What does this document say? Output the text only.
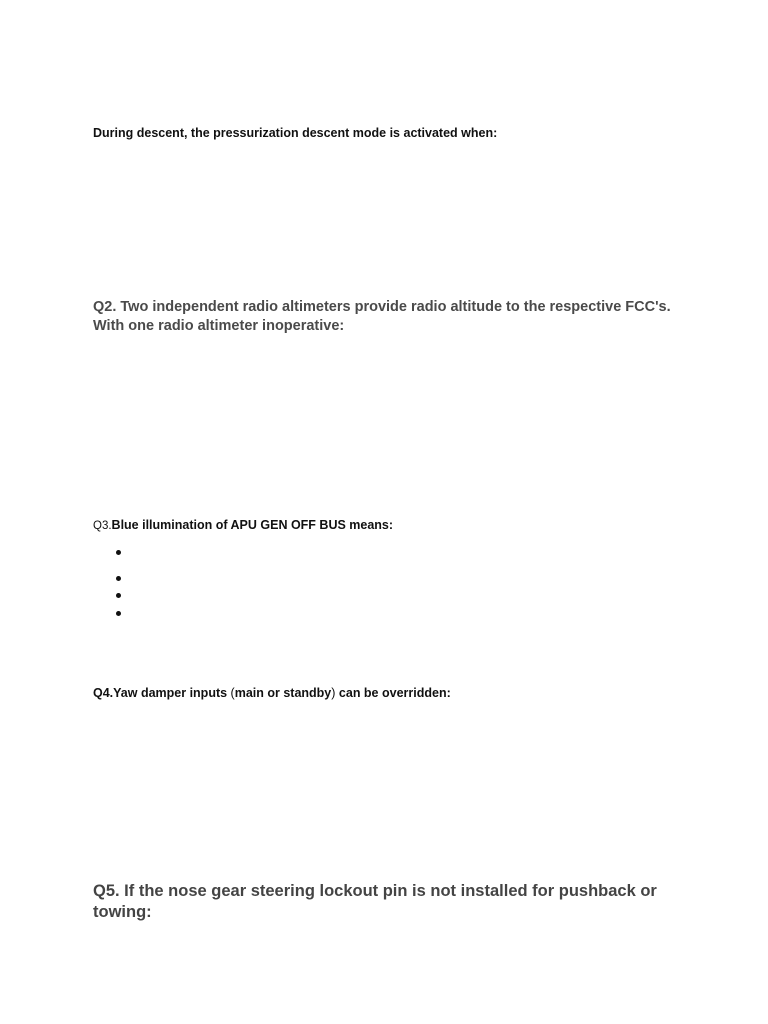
During descent, the pressurization descent mode is activated when:

Q2. Two independent radio altimeters provide radio altitude to the respective FCC's.
With one radio altimeter inoperative:

Q3.Blue illumination of APU GEN OFF BUS means:

Q4.Yaw damper inputs (main or standby) can be overridden:

Q5. If the nose gear steering lockout pin is not installed for pushback or
towing:
